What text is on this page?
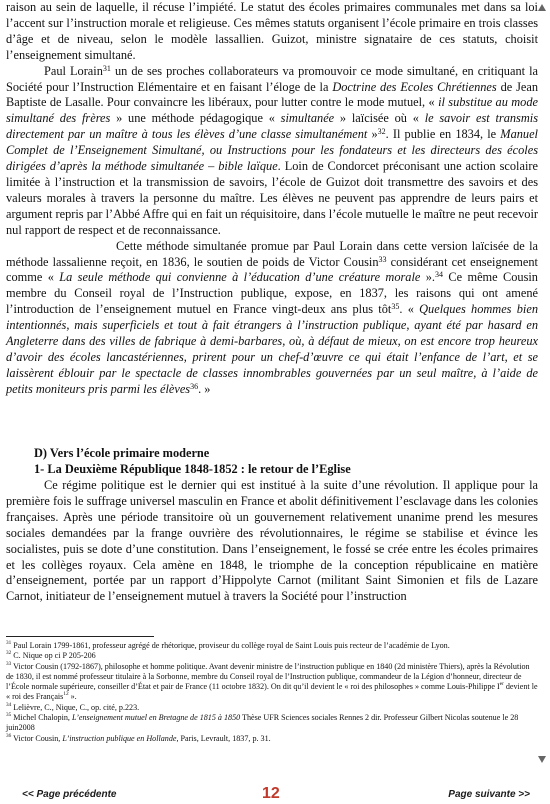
raison au sein de laquelle, il récuse l’impiété. Le statut des écoles primaires communales met dans sa loi l’accent sur l’instruction morale et religieuse. Ces mêmes statuts organisent l’école primaire en trois classes d’âge et de niveau, selon le modèle lassallien. Guizot, ministre signataire de ces statuts, choisit l’enseignement simultané.

Paul Lorain$^{31}$ un de ses proches collaborateurs va promouvoir ce mode simultané, en critiquant la Société pour l’Instruction Elémentaire et en faisant l’éloge de la Doctrine des Ecoles Chrétiennes de Jean Baptiste de Lasalle. Pour convaincre les libéraux, pour lutter contre le mode mutuel, « il substitue au mode simultané des frères » une méthode pédagogique « simultanée » laïcisée où « le savoir est transmis directement par un maître à tous les élèves d’une classe simultanément »$^{32}$. Il publie en 1834, le Manuel Complet de l’Enseignement Simultané, ou Instructions pour les fondateurs et les directeurs des écoles dirigées d’après la méthode simultanée – bible laïque. Loin de Condorcet préconisant une action scolaire limitée à l’instruction et la transmission de savoirs, l’école de Guizot doit transmettre des savoirs et des valeurs morales à travers la personne du maître. Les élèves ne peuvent pas apprendre de leurs pairs et argument repris par l’Abbé Affre qui en fait un réquisitoire, dans l’école mutuelle le maître ne peut recevoir nul rapport de respect et de reconnaissance.

Cette méthode simultanée promue par Paul Lorain dans cette version laïcisée de la méthode lassalienne reçoit, en 1836, le soutien de poids de Victor Cousin$^{33}$ considérant cet enseignement comme « La seule méthode qui convienne à l’éducation d’une créature morale ».$^{34}$ Ce même Cousin membre du Conseil royal de l’Instruction publique, expose, en 1837, les raisons qui ont amené l’introduction de l’enseignement mutuel en France vingt-deux ans plus tôt$^{35}$. « Quelques hommes bien intentionnés, mais superficiels et tout à fait étrangers à l’instruction publique, ayant été par hasard en Angleterre dans des villes de fabrique à demi-barbares, où, à défaut de mieux, on est encore trop heureux d’avoir des écoles lancastériennes, prirent pour un chef-d’œuvre ce qui était l’enfance de l’art, et se laissèrent éblouir par le spectacle de classes innombrables gouvernées par un seul maître, à l’aide de petits moniteurs pris parmi les élèves$^{36}$. »

D) Vers l’école primaire moderne
1- La Deuxième République 1848-1852 : le retour de l’Eglise

Ce régime politique est le dernier qui est institué à la suite d’une révolution. Il applique pour la première fois le suffrage universel masculin en France et abolit définitivement l’esclavage dans les colonies françaises. Après une période transitoire où un gouvernement relativement unanime prend les mesures sociales demandées par la frange ouvrière des révolutionnaires, le régime se stabilise et évince les socialistes, puis se dote d’une constitution. Dans l’enseignement, le fossé se crée entre les écoles primaires et les collèges royaux. Cela amène en 1848, le triomphe de la conception républicaine en matière d’enseignement, portée par un rapport d’Hippolyte Carnot (militant Saint Simonien et fils de Lazare Carnot, initiateur de l’enseignement mutuel à travers la Société pour l’instruction

$^{31}$ Paul Lorain 1799-1861, professeur agrégé de rhétorique, proviseur du collège royal de Saint Louis puis recteur de l’académie de Lyon.

$^{32}$ C. Nique op ci P 205-206

$^{33}$ Victor Cousin (1792-1867), philosophe et homme politique. Avant devenir ministre de l’instruction publique en 1840 (2d ministère Thiers), après la Révolution de 1830, il est nommé professeur titulaire à la Sorbonne, membre du Conseil royal de l’Instruction publique, commandeur de la Légion d’honneur, directeur de l’École normale supérieure, conseiller d’État et pair de France (11 octobre 1832). On dit qu’il devient le « roi des philosophes » comme Louis-Philippe Ier devient le « roi des Français$^{12}$ ».

$^{34}$ Lelièvre, C., Nique, C., op. cité, p.223.

$^{35}$ Michel Chalopin, L’enseignement mutuel en Bretagne de 1815 à 1850 Thèse UFR Sciences sociales Rennes 2 dir. Professeur Gilbert Nicolas soutenue le 28 juin2008

$^{36}$ Victor Cousin, L’instruction publique en Hollande, Paris, Levrault, 1837, p. 31.

<< Page précédente	12	Page suivante >>
